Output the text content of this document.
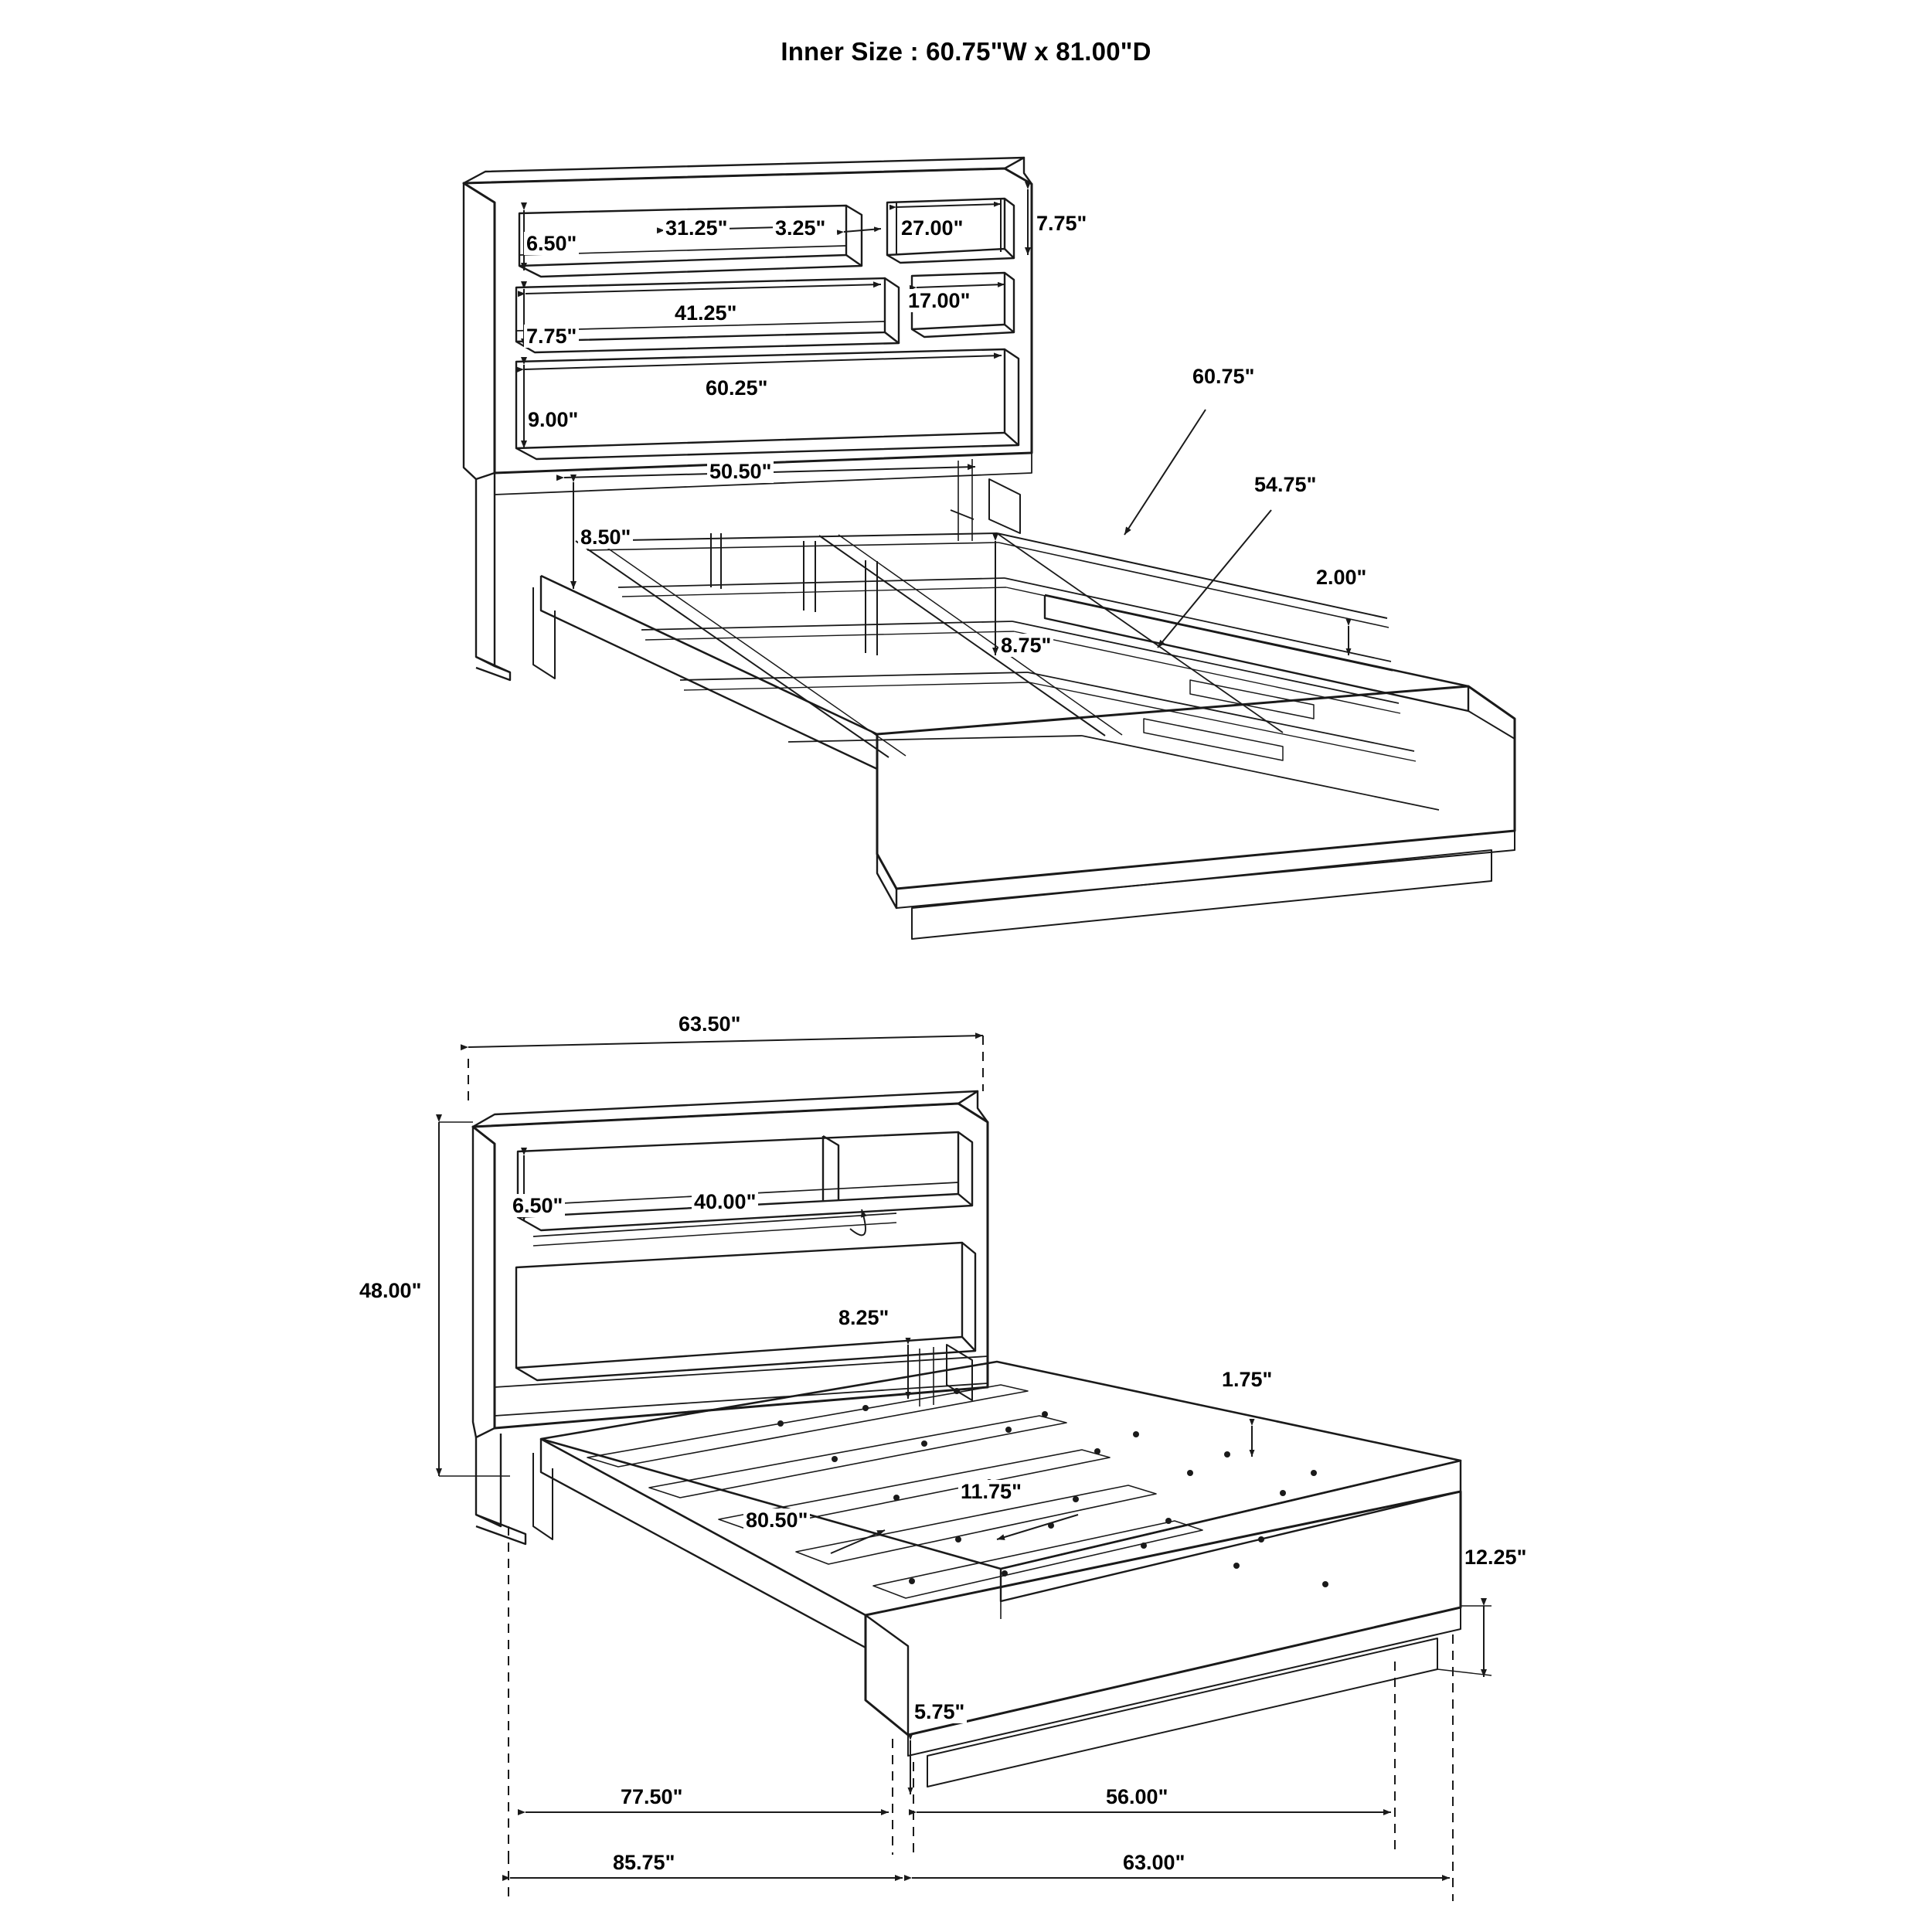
Inner Size : 60.75"W x 81.00"D
6.50"
31.25" 3.25"	27.00"	7.75"
41.25"
17.00"
7.75"
60.25"
9.00"
50.50"
8.50"
60.75"
54.75"
2.00"
8.75"
63.50"
48.00"
6.50"	40.00"
8.25"
1.75"
11.75"
80.50"
12.25"
5.75"
77.50"	56.00"
85.75"	63.00"
